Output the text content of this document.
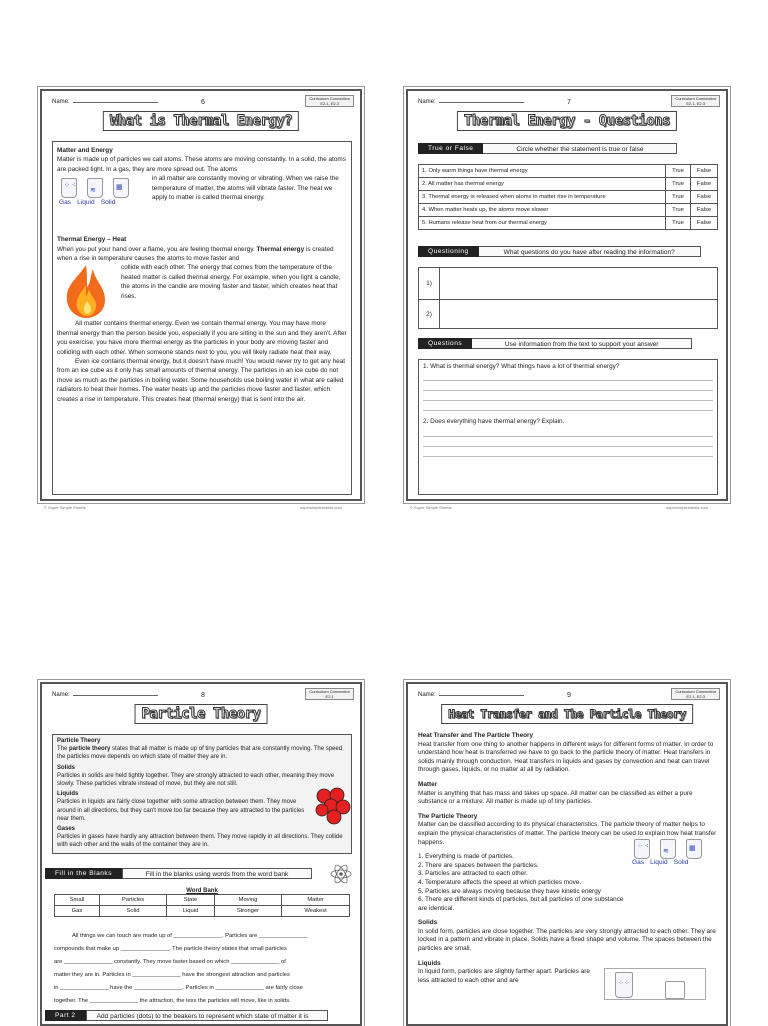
Name:	6
Curriculum Connection
E2.1, E2.3
What is Thermal Energy?

Matter and Energy

Matter is made up of particles we call atoms. These atoms are moving constantly. In a solid, the atoms are packed tight. In a gas, they are more spread out. The atoms

⁘ ⁖
≋	▦
Gas Liquid Solid

in all matter are constantly moving or vibrating. When we raise the temperature of matter, the atoms will vibrate faster. The heat we apply to matter is called thermal energy.

Thermal Energy – Heat

When you put your hand over a flame, you are feeling thermal energy. Thermal energy is created when a rise in temperature causes the atoms to move faster and

collide with each other. The energy that comes from the temperature of the heated matter is called thermal energy. For example, when you light a candle, the atoms in the candle are moving faster and faster, which creates heat that rises.

All matter contains thermal energy. Even we contain thermal energy. You may have more thermal energy than the person beside you, especially if you are sitting in the sun and they aren't. After you exercise, you have more thermal energy as the particles in your body are moving faster and colliding with each other. When someone stands next to you, you will likely radiate heat their way.

Even ice contains thermal energy, but it doesn't have much! You would never try to get any heat from an ice cube as it only has small amounts of thermal energy. The particles in an ice cube do not move as much as the particles in boiling water. Some households use boiling water in what are called radiators to heat their homes. The water heats up and the particles move faster and faster, which creates a rise in temperature. This creates heat (thermal energy) that is sent into the air.

© Super Simple Sheets	supersimplesheets.com
Name:	7
Curriculum Connection
E2.1, E2.3
Thermal Energy - Questions
True or False	Circle whether the statement is true or false
1. Only warm things have thermal energy	True	False
2. All matter has thermal energy	True	False
3. Thermal energy is released when atoms in matter rise in temperature	True	False
4. When matter heats up, the atoms move slower	True	False
5. Humans release heat from our thermal energy	True	False
Questioning	What questions do you have after reading the information?
1)
2)
Questions	Use information from the text to support your answer

1. What is thermal energy? What things have a lot of thermal energy?

2. Does everything have thermal energy? Explain.

© Super Simple Sheets	supersimplesheets.com
Name:	8
Curriculum Connection
E2.1
Particle Theory

Particle Theory

The particle theory states that all matter is made up of tiny particles that are constantly moving. The speed the particles move depends on which state of matter they are in.

Solids

Particles in solids are held tightly together. They are strongly attracted to each other, meaning they move slowly. These particles vibrate instead of move, but they are not still.

Liquids

Particles in liquids are fairly close together with some attraction between them. They move around in all directions, but they can't move too far because they are attracted to the particles near them.

Gases

Particles in gases have hardly any attraction between them. They move rapidly in all directions. They collide with each other and the walls of the container they are in.

Fill in the Blanks	Fill in the blanks using words from the word bank
Word Bank
Small	Particles	State	Moving	Matter
Gas	Solid	Liquid	Stronger	Weakest
All things we can touch are made up of _______________. Particles are _______________
compounds that make up _______________. The particle theory states that small particles
are _______________ constantly. They move faster based on which _______________ of
matter they are in. Particles in _______________ have the strongest attraction and particles
in _______________ have the _______________. Particles in _______________ are fairly close
together. The _______________ the attraction, the less the particles will move, like in solids.
Part 2	Add particles (dots) to the beakers to represent which state of matter it is
Name:	9
Curriculum Connection
E2.1, E2.3
Heat Transfer and The Particle Theory

Heat Transfer and The Particle Theory

Heat transfer from one thing to another happens in different ways for different forms of matter. In order to understand how heat is transferred we have to go back to the particle theory of matter. Heat transfers in solids mainly through conduction. Heat transfers in liquids and gases by convection and heat can travel through gases, liquids, or no matter at all by radiation.

Matter

Matter is anything that has mass and takes up space. All matter can be classified as either a pure substance or a mixture. All matter is made up of tiny particles.

The Particle Theory

Matter can be classified according to its physical characteristics. The particle theory of matter helps to explain the physical characteristics of matter. The particle theory can be used to explain how heat transfer happens.

1. Everything is made of particles.
2. There are spaces between the particles.
3. Particles are attracted to each other.
4. Temperature affects the speed at which particles move.
5. Particles are always moving because they have kinetic energy
6. There are different kinds of particles, but all particles of one substance are identical.
⁘ ⁖
≋	▦
Gas Liquid Solid

Solids

In solid form, particles are close together. The particles are very strongly attracted to each other. They are locked in a pattern and vibrate in place. Solids have a fixed shape and volume. The spaces between the particles are small.

Liquids

In liquid form, particles are slightly farther apart. Particles are less attracted to each other and are	⁘⁘
